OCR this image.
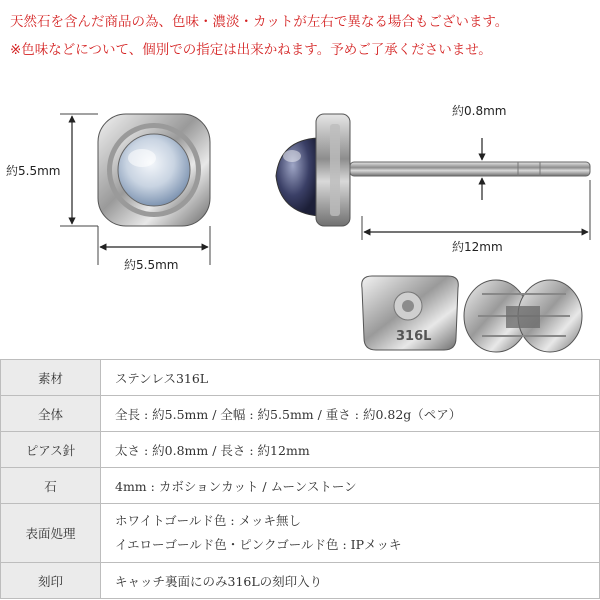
天然石を含んだ商品の為、色味・濃淡・カットが左右で異なる場合もございます。
※色味などについて、個別での指定は出来かねます。予めご了承くださいませ。
316L
約5.5mm
約5.5mm
約0.8mm
約12mm
素材	ステンレス316L
全体	全長 : 約5.5mm / 全幅 : 約5.5mm / 重さ : 約0.82g（ペア）
ピアス針	太さ : 約0.8mm / 長さ : 約12mm
石	4mm : カボションカット / ムーンストーン
表面処理	ホワイトゴールド色 : メッキ無し
イエローゴールド色・ピンクゴールド色 : IPメッキ

刻印	キャッチ裏面にのみ316Lの刻印入り
